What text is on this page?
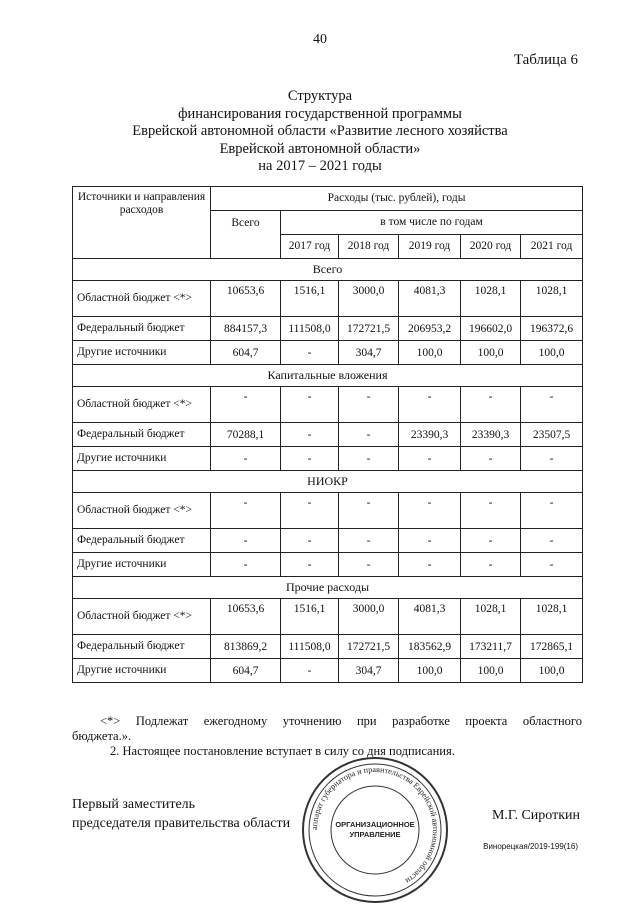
40
Таблица 6
Структура
финансирования государственной программы
Еврейской автономной области «Развитие лесного хозяйства
Еврейской автономной области»
на 2017 – 2021 годы
Источники и направления расходов	Расходы (тыс. рублей), годы					
	Всего	в том числе по годам				
		2017 год	2018 год	2019 год	2020 год	2021 год
Всего						
Областной бюджет <*>	10653,6	1516,1	3000,0	4081,3	1028,1	1028,1
Федеральный бюджет	884157,3	111508,0	172721,5	206953,2	196602,0	196372,6
Другие источники	604,7	-	304,7	100,0	100,0	100,0
Капитальные вложения						
Областной бюджет <*>	-	-	-	-	-	-
Федеральный бюджет	70288,1	-	-	23390,3	23390,3	23507,5
Другие источники	-	-	-	-	-	-
НИОКР						
Областной бюджет <*>	-	-	-	-	-	-
Федеральный бюджет	-	-	-	-	-	-
Другие источники	-	-	-	-	-	-
Прочие расходы						
Областной бюджет <*>	10653,6	1516,1	3000,0	4081,3	1028,1	1028,1
Федеральный бюджет	813869,2	111508,0	172721,5	183562,9	173211,7	172865,1
Другие источники	604,7	-	304,7	100,0	100,0	100,0
<*> Подлежат ежегодному уточнению при разработке проекта областного
бюджета.».
2. Настоящее постановление вступает в силу со дня подписания.
Первый заместитель
председателя правительства области аппарат губернатора и правительства Еврейской автономной области
ОРГАНИЗАЦИОННОЕ
УПРАВЛЕНИЕ
М.Г. Сироткин
Винорецкая/2019-199(16)
